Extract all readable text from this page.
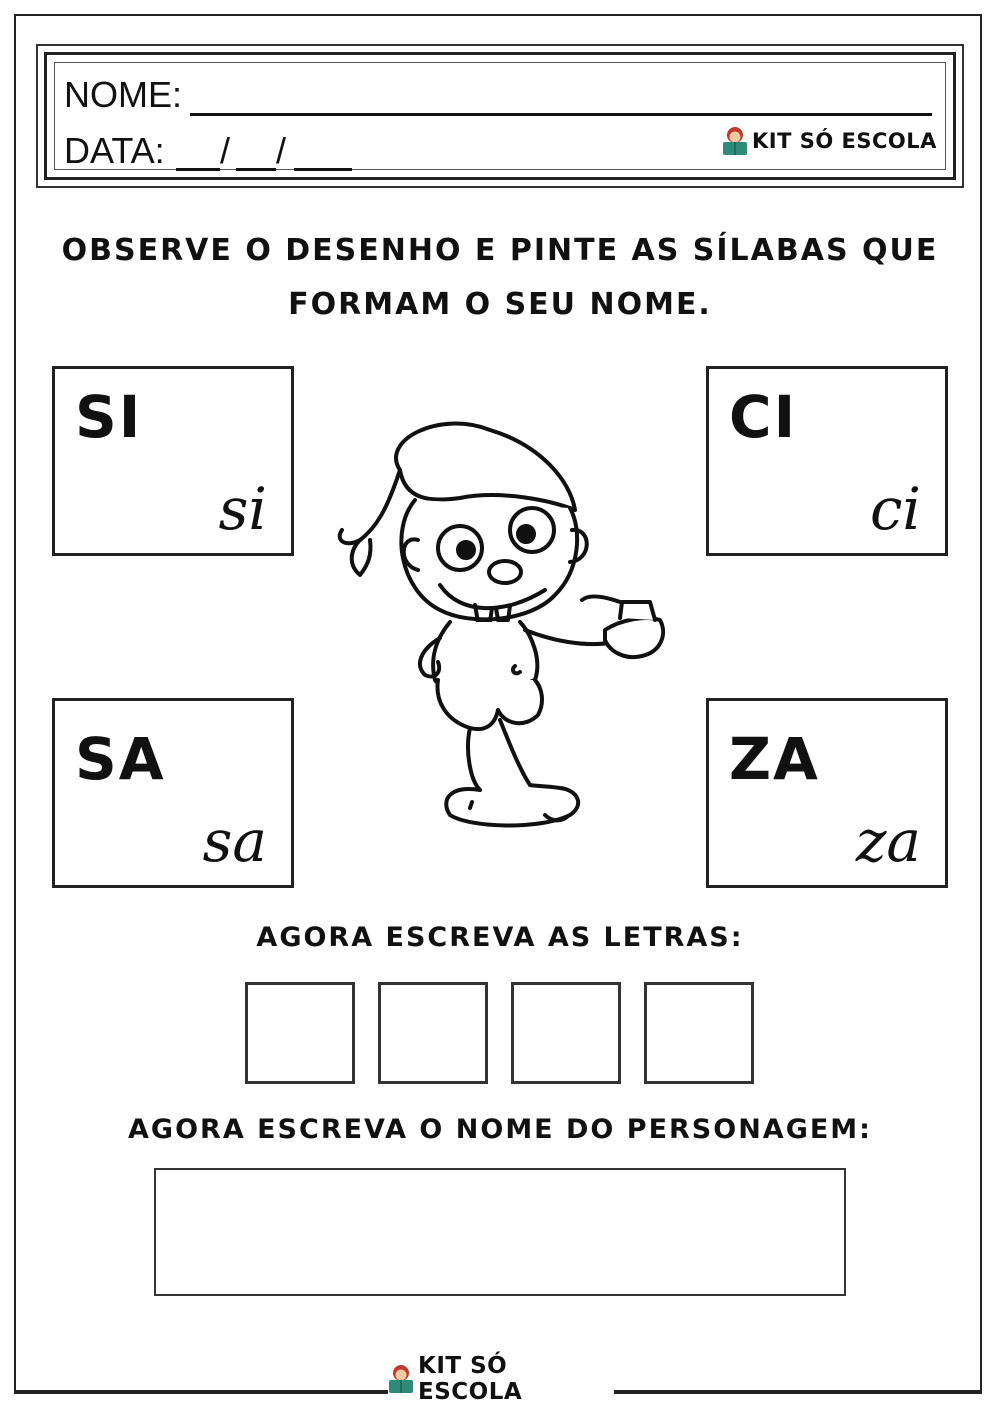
NOME:
DATA: / /	KIT SÓ ESCOLA
OBSERVE O DESENHO E PINTE AS SÍLABAS QUE
FORMAM O SEU NOME.
SI
si
CI
ci
SA
sa
ZA
za
AGORA ESCREVA AS LETRAS:
AGORA ESCREVA O NOME DO PERSONAGEM:
KIT SÓ ESCOLA
